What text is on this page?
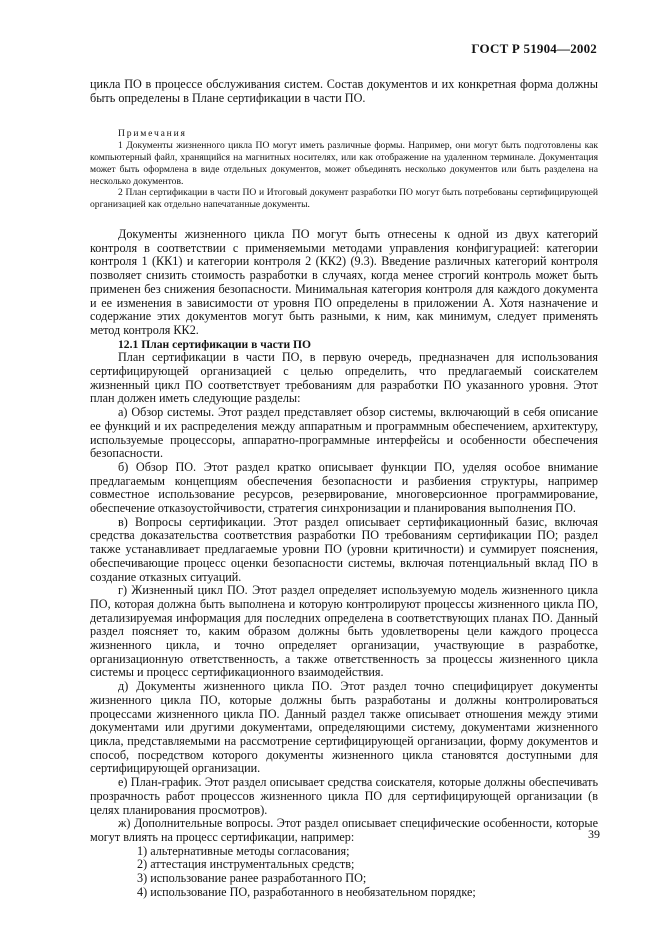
ГОСТ Р 51904—2002

цикла ПО в процессе обслуживания систем. Состав документов и их конкретная форма должны быть определены в Плане сертификации в части ПО.

Примечания

1 Документы жизненного цикла ПО могут иметь различные формы. Например, они могут быть подготовлены как компьютерный файл, хранящийся на магнитных носителях, или как отображение на удаленном терминале. Документация может быть оформлена в виде отдельных документов, может объединять несколько документов или быть разделена на несколько документов.

2 План сертификации в части ПО и Итоговый документ разработки ПО могут быть потребованы сертифицирующей организацией как отдельно напечатанные документы.

Документы жизненного цикла ПО могут быть отнесены к одной из двух категорий контроля в соответствии с применяемыми методами управления конфигурацией: категории контроля 1 (КК1) и категории контроля 2 (КК2) (9.3). Введение различных категорий контроля позволяет снизить стоимость разработки в случаях, когда менее строгий контроль может быть применен без снижения безопасности. Минимальная категория контроля для каждого документа и ее изменения в зависимости от уровня ПО определены в приложении А. Хотя назначение и содержание этих документов могут быть разными, к ним, как минимум, следует применять метод контроля КК2.

12.1 План сертификации в части ПО

План сертификации в части ПО, в первую очередь, предназначен для использования сертифицирующей организацией с целью определить, что предлагаемый соискателем жизненный цикл ПО соответствует требованиям для разработки ПО указанного уровня. Этот план должен иметь следующие разделы:

а) Обзор системы. Этот раздел представляет обзор системы, включающий в себя описание ее функций и их распределения между аппаратным и программным обеспечением, архитектуру, используемые процессоры, аппаратно-программные интерфейсы и особенности обеспечения безопасности.

б) Обзор ПО. Этот раздел кратко описывает функции ПО, уделяя особое внимание предлагаемым концепциям обеспечения безопасности и разбиения структуры, например совместное использование ресурсов, резервирование, многоверсионное программирование, обеспечение отказоустойчивости, стратегия синхронизации и планирования выполнения ПО.

в) Вопросы сертификации. Этот раздел описывает сертификационный базис, включая средства доказательства соответствия разработки ПО требованиям сертификации ПО; раздел также устанавливает предлагаемые уровни ПО (уровни критичности) и суммирует пояснения, обеспечивающие процесс оценки безопасности системы, включая потенциальный вклад ПО в создание отказных ситуаций.

г) Жизненный цикл ПО. Этот раздел определяет используемую модель жизненного цикла ПО, которая должна быть выполнена и которую контролируют процессы жизненного цикла ПО, детализируемая информация для последних определена в соответствующих планах ПО. Данный раздел поясняет то, каким образом должны быть удовлетворены цели каждого процесса жизненного цикла, и точно определяет организации, участвующие в разработке, организационную ответственность, а также ответственность за процессы жизненного цикла системы и процесс сертификационного взаимодействия.

д) Документы жизненного цикла ПО. Этот раздел точно специфицирует документы жизненного цикла ПО, которые должны быть разработаны и должны контролироваться процессами жизненного цикла ПО. Данный раздел также описывает отношения между этими документами или другими документами, определяющими систему, документами жизненного цикла, представляемыми на рассмотрение сертифицирующей организации, форму документов и способ, посредством которого документы жизненного цикла становятся доступными для сертифицирующей организации.

е) План-график. Этот раздел описывает средства соискателя, которые должны обеспечивать прозрачность работ процессов жизненного цикла ПО для сертифицирующей организации (в целях планирования просмотров).

ж) Дополнительные вопросы. Этот раздел описывает специфические особенности, которые могут влиять на процесс сертификации, например:

1) альтернативные методы согласования;

2) аттестация инструментальных средств;

3) использование ранее разработанного ПО;

4) использование ПО, разработанного в необязательном порядке;

39
